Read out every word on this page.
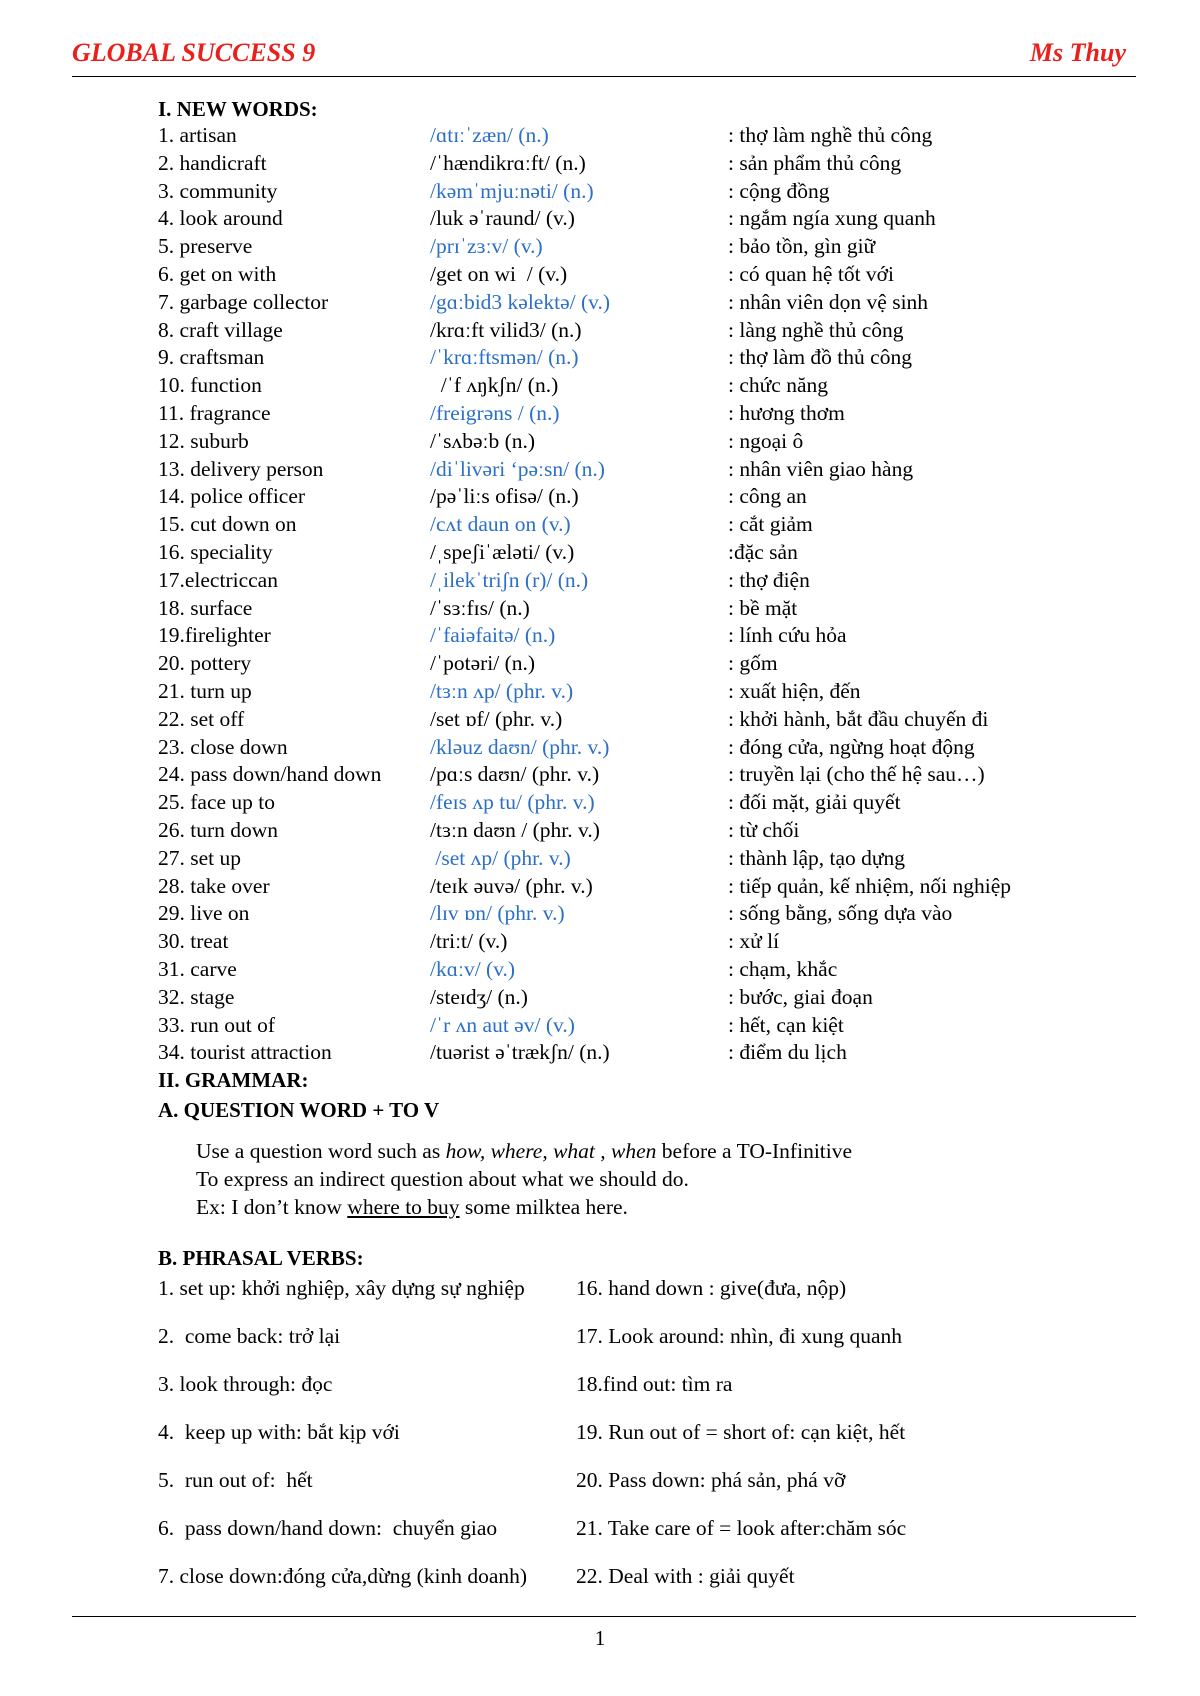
GLOBAL SUCCESS 9	Ms Thuy
I. NEW WORDS:
1. artisan	/ɑtɪːˈzæn/ (n.)	: thợ làm nghề thủ công
2. handicraft	/ˈhændikrɑːft/ (n.)	: sản phẩm thủ công
3. community	/kəmˈmjuːnəti/ (n.)	: cộng đồng
4. look around	/luk əˈraund/ (v.)	: ngắm ngía xung quanh
5. preserve	/prɪˈzɜːv/ (v.)	: bảo tồn, gìn giữ
6. get on with	/get on wi  / (v.)	: có quan hệ tốt với
7. garbage collector	/gɑːbid3 kəlektə/ (v.)	: nhân viên dọn vệ sinh
8. craft village	/krɑːft vilid3/ (n.)	: làng nghề thủ công
9. craftsman	/ˈkrɑːftsmən/ (n.)	: thợ làm đồ thủ công
10. function	/ˈf ʌŋkʃn/ (n.)	: chức năng
11. fragrance	/freigrəns / (n.)	: hương thơm
12. suburb	/ˈsʌbəːb (n.)	: ngoại ô
13. delivery person	/diˈlivəri ‘pəːsn/ (n.)	: nhân viên giao hàng
14. police officer	/pəˈliːs ofisə/ (n.)	: công an
15. cut down on	/cʌt daun on (v.)	: cắt giảm
16. speciality	/ˌspeʃiˈæləti/ (v.)	:đặc sản
17.electriccan	/ˌilekˈtriʃn (r)/ (n.)	: thợ điện
18. surface	/ˈsɜːfɪs/ (n.)	: bề mặt
19.firelighter	/ˈfaiəfaitə/ (n.)	: lính cứu hỏa
20. pottery	/ˈpotəri/ (n.)	: gốm
21. turn up	/tɜːn ʌp/ (phr. v.)	: xuất hiện, đến
22. set off	/set ɒf/ (phr. v.)	: khởi hành, bắt đầu chuyến đi
23. close down	/kləuz daʊn/ (phr. v.)	: đóng cửa, ngừng hoạt động
24. pass down/hand down	/pɑːs daʊn/ (phr. v.)	: truyền lại (cho thế hệ sau…)
25. face up to	/feɪs ʌp tu/ (phr. v.)	: đối mặt, giải quyết
26. turn down	/tɜːn daʊn / (phr. v.)	: từ chối
27. set up	/set ʌp/ (phr. v.)	: thành lập, tạo dựng
28. take over	/teɪk əuvə/ (phr. v.)	: tiếp quản, kế nhiệm, nối nghiệp
29. live on	/lɪv ɒn/ (phr. v.)	: sống bằng, sống dựa vào
30. treat	/triːt/ (v.)	: xử lí
31. carve	/kɑːv/ (v.)	: chạm, khắc
32. stage	/steɪdʒ/ (n.)	: bước, giai đoạn
33. run out of	/ˈr ʌn aut əv/ (v.)	: hết, cạn kiệt
34. tourist attraction	/tuərist əˈtrækʃn/ (n.)	: điểm du lịch
II. GRAMMAR:
A. QUESTION WORD + TO V
Use a question word such as how, where, what , when before a TO-Infinitive
To express an indirect question about what we should do.
Ex: I don’t know where to buy some milktea here.
B. PHRASAL VERBS:
1. set up: khởi nghiệp, xây dựng sự nghiệp	16. hand down : give(đưa, nộp)
2.  come back: trở lại	17. Look around: nhìn, đi xung quanh
3. look through: đọc	18.find out: tìm ra
4.  keep up with: bắt kịp với	19. Run out of = short of: cạn kiệt, hết
5.  run out of:  hết	20. Pass down: phá sản, phá vỡ
6.  pass down/hand down:  chuyển giao	21. Take care of = look after:chăm sóc
7. close down:đóng cửa,dừng (kinh doanh)	22. Deal with : giải quyết
1
